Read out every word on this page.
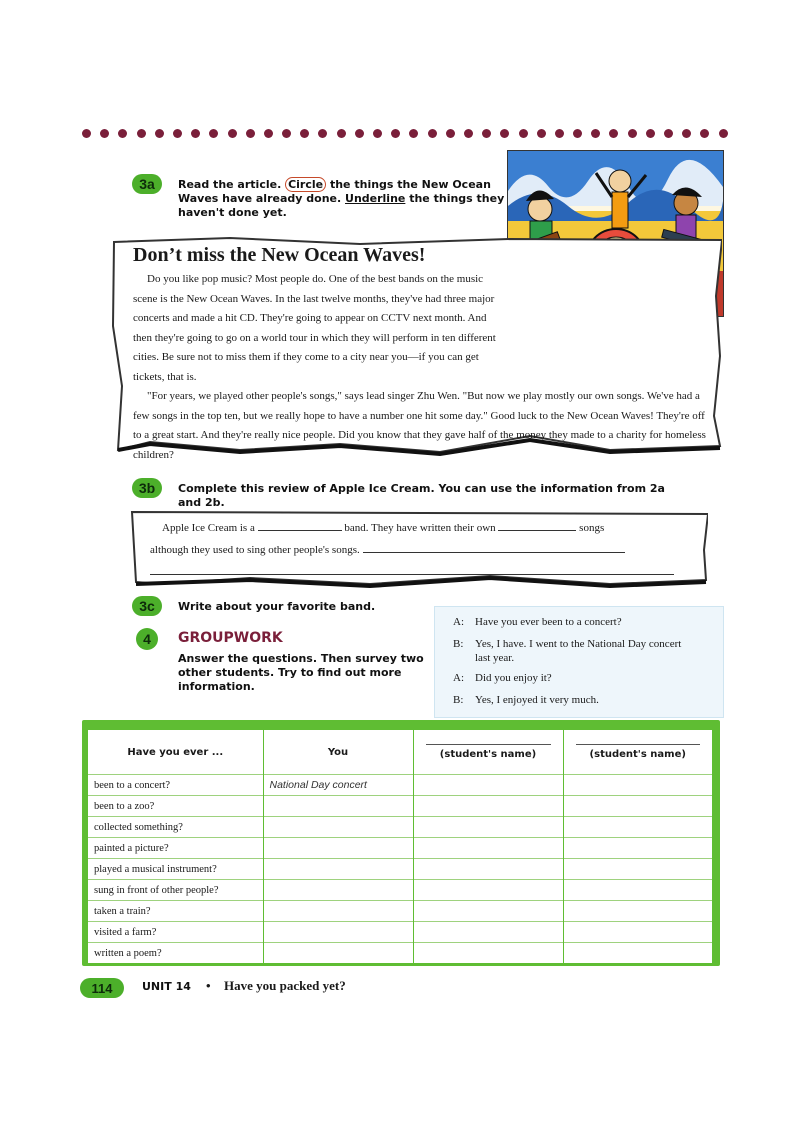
3a	Read the article. Circle the things the New Ocean Waves have already done. Underline the things they haven't done yet.
Don’t miss the New Ocean Waves!

Do you like pop music? Most people do. One of the best bands on the music scene is the New Ocean Waves. In the last twelve months, they've had three major concerts and made a hit CD. They're going to appear on CCTV next month. And then they're going to go on a world tour in which they will perform in ten different cities. Be sure not to miss them if they come to a city near you—if you can get tickets, that is.

"For years, we played other people's songs," says lead singer Zhu Wen. "But now we play mostly our own songs. We've had a few songs in the top ten, but we really hope to have a number one hit some day." Good luck to the New Ocean Waves! They're off to a great start. And they're really nice people. Did you know that they gave half of the money they made to a charity for homeless children?

3b	Complete this review of Apple Ice Cream. You can use the information from 2a and 2b.
Apple Ice Cream is a	band. They have written their own	songs
although they used to sing other people's songs.
3c	Write about your favorite band.
4	GROUPWORK
Answer the questions. Then survey two other students. Try to find out more information.
A: Have you ever been to a concert?
B: Yes, I have. I went to the National Day concert last year.
A: Did you enjoy it?
B: Yes, I enjoyed it very much.
Have you ever ...	You	(student's name)	(student's name)
been to a concert?	National Day concert		
been to a zoo?			
collected something?			
painted a picture?			
played a musical instrument?			
sung in front of other people?			
taken a train?			
visited a farm?			
written a poem?			
114	UNIT 14 • Have you packed yet?
